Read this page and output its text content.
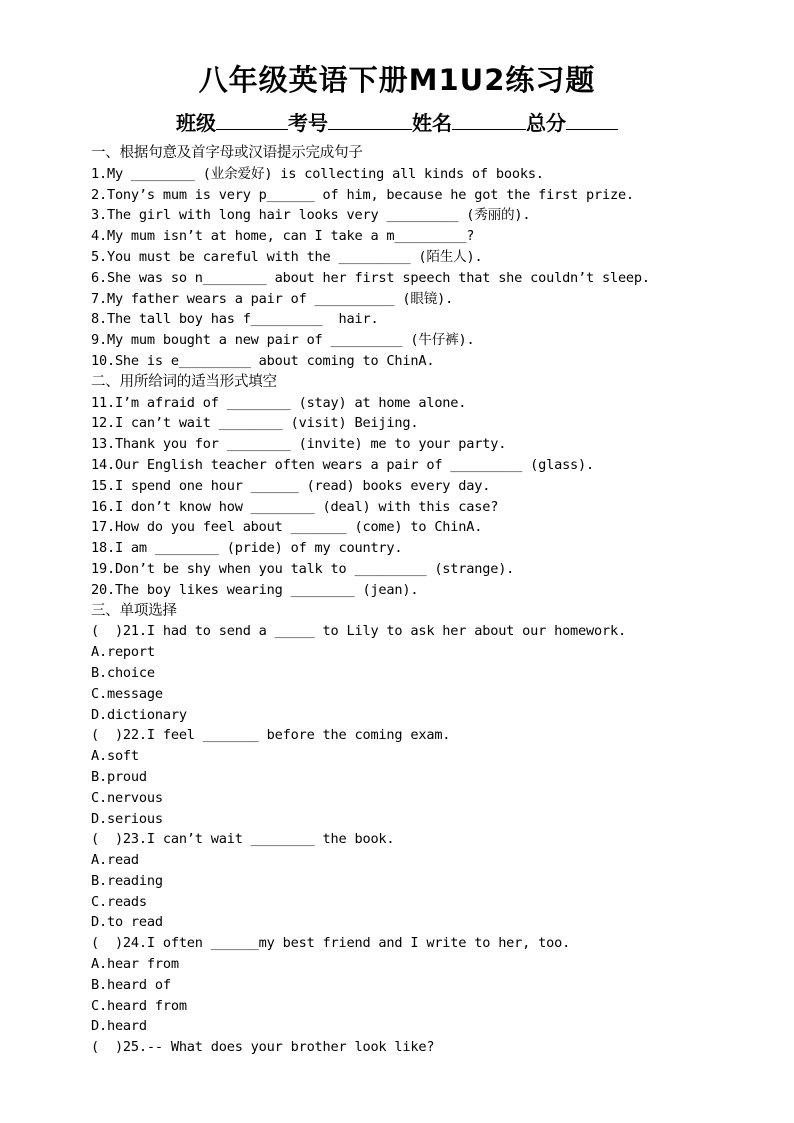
八年级英语下册M1U2练习题
班级	考号	姓名	总分
一、根据句意及首字母或汉语提示完成句子
1.My ________ (业余爱好) is collecting all kinds of books.
2.Tony’s mum is very p______ of him, because he got the first prize.
3.The girl with long hair looks very _________ (秀丽的).
4.My mum isn’t at home, can I take a m_________?
5.You must be careful with the _________ (陌生人).
6.She was so n________ about her first speech that she couldn’t sleep.
7.My father wears a pair of __________ (眼镜).
8.The tall boy has f_________  hair.
9.My mum bought a new pair of _________ (牛仔裤).
10.She is e_________ about coming to ChinA.
二、用所给词的适当形式填空
11.I’m afraid of ________ (stay) at home alone.
12.I can’t wait ________ (visit) Beijing.
13.Thank you for ________ (invite) me to your party.
14.Our English teacher often wears a pair of _________ (glass).
15.I spend one hour ______ (read) books every day.
16.I don’t know how ________ (deal) with this case?
17.How do you feel about _______ (come) to ChinA.
18.I am ________ (pride) of my country.
19.Don’t be shy when you talk to _________ (strange).
20.The boy likes wearing ________ (jean).
三、单项选择
(  )21.I had to send a _____ to Lily to ask her about our homework.
A.report
B.choice
C.message
D.dictionary
(  )22.I feel _______ before the coming exam.
A.soft
B.proud
C.nervous
D.serious
(  )23.I can’t wait ________ the book.
A.read
B.reading
C.reads
D.to read
(  )24.I often ______my best friend and I write to her, too.
A.hear from
B.heard of
C.heard from
D.heard
(  )25.-- What does your brother look like?
